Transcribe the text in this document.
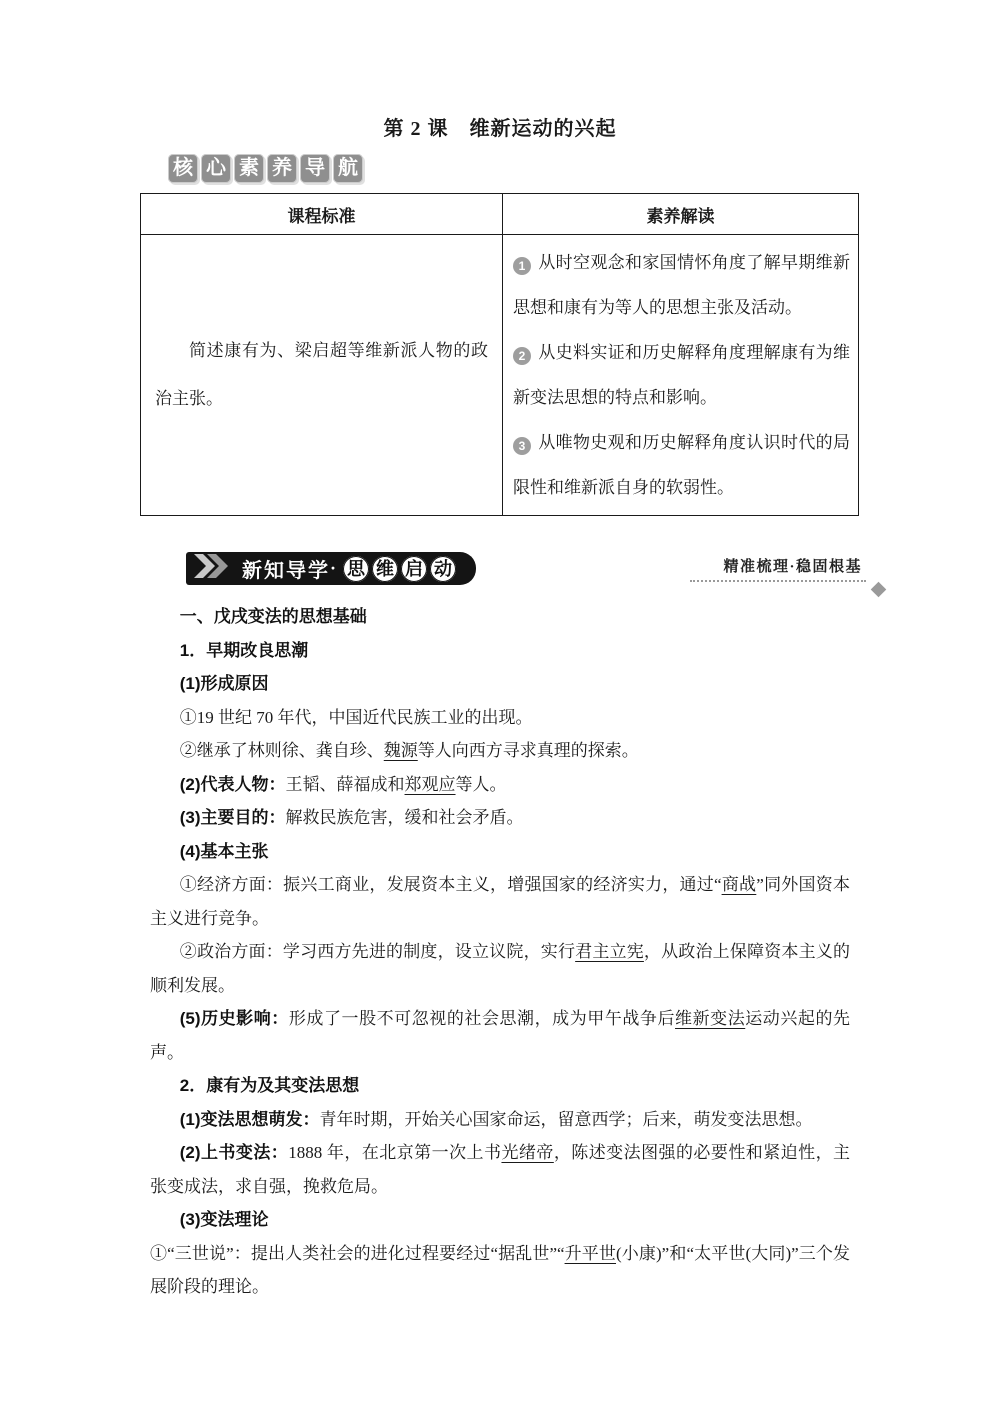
第 2 课　维新运动的兴起
核 心 素 养 导 航
课程标准	素养解读
简述康有为、梁启超等维新派人物的政治主张。	1 从时空观念和家国情怀角度了解早期维新思想和康有为等人的思想主张及活动。
2 从史料实证和历史解释角度理解康有为维新变法思想的特点和影响。
3 从唯物史观和历史解释角度认识时代的局限性和维新派自身的软弱性。
新知导学 · 思 维 启 动	精准梳理·稳固根基

一、戊戌变法的思想基础

1．早期改良思潮

(1)形成原因

①19 世纪 70 年代，中国近代民族工业的出现。

②继承了林则徐、龚自珍、魏源等人向西方寻求真理的探索。

(2)代表人物：王韬、薛福成和郑观应等人。

(3)主要目的：解救民族危害，缓和社会矛盾。

(4)基本主张

①经济方面：振兴工商业，发展资本主义，增强国家的经济实力，通过“商战”同外国资本主义进行竞争。

②政治方面：学习西方先进的制度，设立议院，实行君主立宪，从政治上保障资本主义的顺利发展。

(5)历史影响：形成了一股不可忽视的社会思潮，成为甲午战争后维新变法运动兴起的先声。

2．康有为及其变法思想

(1)变法思想萌发：青年时期，开始关心国家命运，留意西学；后来，萌发变法思想。

(2)上书变法：1888 年，在北京第一次上书光绪帝，陈述变法图强的必要性和紧迫性，主张变成法，求自强，挽救危局。

(3)变法理论

①“三世说”：提出人类社会的进化过程要经过“据乱世”“升平世(小康)”和“太平世(大同)”三个发展阶段的理论。
